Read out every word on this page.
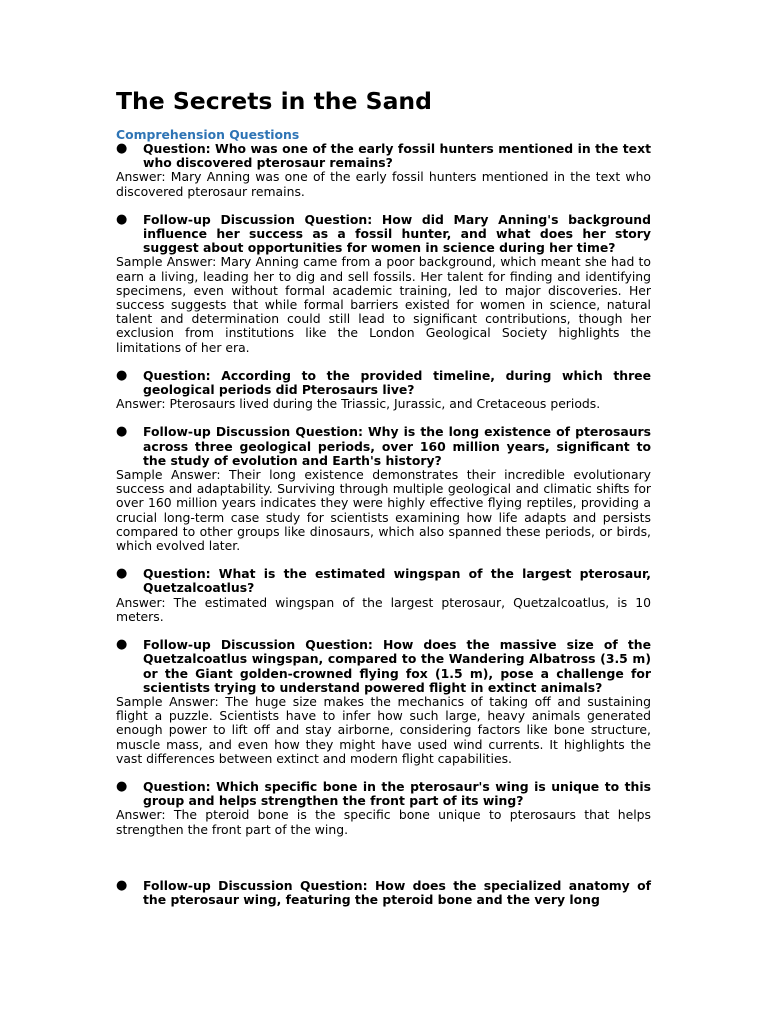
The Secrets in the Sand
Comprehension Questions
● Question: Who was one of the early fossil hunters mentioned in the text who discovered pterosaur remains?
Answer: Mary Anning was one of the early fossil hunters mentioned in the text who discovered pterosaur remains.
● Follow-up Discussion Question: How did Mary Anning's background influence her success as a fossil hunter, and what does her story suggest about opportunities for women in science during her time?
Sample Answer: Mary Anning came from a poor background, which meant she had to earn a living, leading her to dig and sell fossils. Her talent for finding and identifying specimens, even without formal academic training, led to major discoveries. Her success suggests that while formal barriers existed for women in science, natural talent and determination could still lead to significant contributions, though her exclusion from institutions like the London Geological Society highlights the limitations of her era.
● Question: According to the provided timeline, during which three geological periods did Pterosaurs live?
Answer: Pterosaurs lived during the Triassic, Jurassic, and Cretaceous periods.
● Follow-up Discussion Question: Why is the long existence of pterosaurs across three geological periods, over 160 million years, significant to the study of evolution and Earth's history?
Sample Answer: Their long existence demonstrates their incredible evolutionary success and adaptability. Surviving through multiple geological and climatic shifts for over 160 million years indicates they were highly effective flying reptiles, providing a crucial long-term case study for scientists examining how life adapts and persists compared to other groups like dinosaurs, which also spanned these periods, or birds, which evolved later.
● Question: What is the estimated wingspan of the largest pterosaur, Quetzalcoatlus?
Answer: The estimated wingspan of the largest pterosaur, Quetzalcoatlus, is 10 meters.
● Follow-up Discussion Question: How does the massive size of the Quetzalcoatlus wingspan, compared to the Wandering Albatross (3.5 m) or the Giant golden-crowned flying fox (1.5 m), pose a challenge for scientists trying to understand powered flight in extinct animals?
Sample Answer: The huge size makes the mechanics of taking off and sustaining flight a puzzle. Scientists have to infer how such large, heavy animals generated enough power to lift off and stay airborne, considering factors like bone structure, muscle mass, and even how they might have used wind currents. It highlights the vast differences between extinct and modern flight capabilities.
● Question: Which specific bone in the pterosaur's wing is unique to this group and helps strengthen the front part of its wing?
Answer: The pteroid bone is the specific bone unique to pterosaurs that helps strengthen the front part of the wing.
● Follow-up Discussion Question: How does the specialized anatomy of the pterosaur wing, featuring the pteroid bone and the very long
